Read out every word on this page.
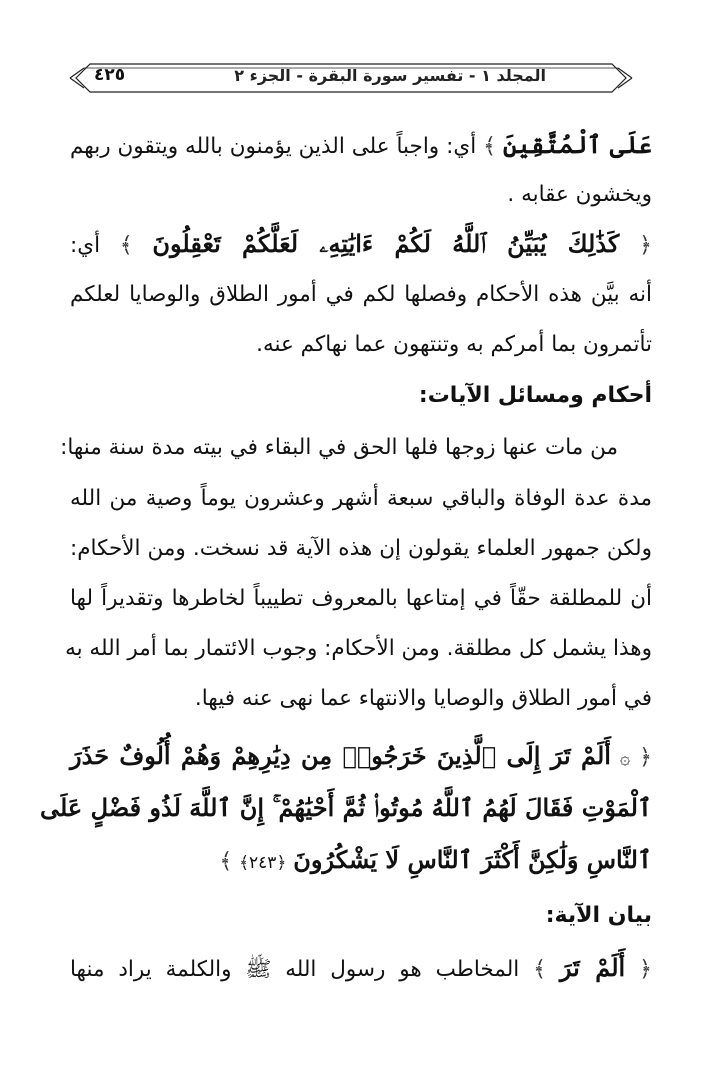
٤٢٥	المجلد ١ - تفسير سورة البقرة - الجزء ٢
عَلَى ٱلْمُتَّقِينَ ﴾ أي: واجباً على الذين يؤمنون بالله ويتقون ربهم
ويخشون عقابه .
﴿ كَذَٰلِكَ يُبَيِّنُ ٱللَّهُ لَكُمْ ءَايَٰتِهِۦ لَعَلَّكُمْ تَعْقِلُونَ ﴾ أي:
أنه بيَّن هذه الأحكام وفصلها لكم في أمور الطلاق والوصايا لعلكم
تأتمرون بما أمركم به وتنتهون عما نهاكم عنه.
أحكام ومسائل الآيات:
من مات عنها زوجها فلها الحق في البقاء في بيته مدة سنة منها:
مدة عدة الوفاة والباقي سبعة أشهر وعشرون يوماً وصية من الله
ولكن جمهور العلماء يقولون إن هذه الآية قد نسخت. ومن الأحكام:
أن للمطلقة حقّاً في إمتاعها بالمعروف تطييباً لخاطرها وتقديراً لها
وهذا يشمل كل مطلقة. ومن الأحكام: وجوب الائتمار بما أمر الله به
في أمور الطلاق والوصايا والانتهاء عما نهى عنه فيها.
﴿ ۞ أَلَمْ تَرَ إِلَى ٱلَّذِينَ خَرَجُوا۟ مِن دِيَٰرِهِمْ وَهُمْ أُلُوفٌ حَذَرَ
ٱلْمَوْتِ فَقَالَ لَهُمُ ٱللَّهُ مُوتُوا۟ ثُمَّ أَحْيَٰهُمْ ۚ إِنَّ ٱللَّهَ لَذُو فَضْلٍ عَلَى
ٱلنَّاسِ وَلَٰكِنَّ أَكْثَرَ ٱلنَّاسِ لَا يَشْكُرُونَ ﴿٢٤٣﴾ ﴾
بيان الآية:
﴿ أَلَمْ تَرَ ﴾ المخاطب هو رسول الله ﷺ والكلمة يراد منها
